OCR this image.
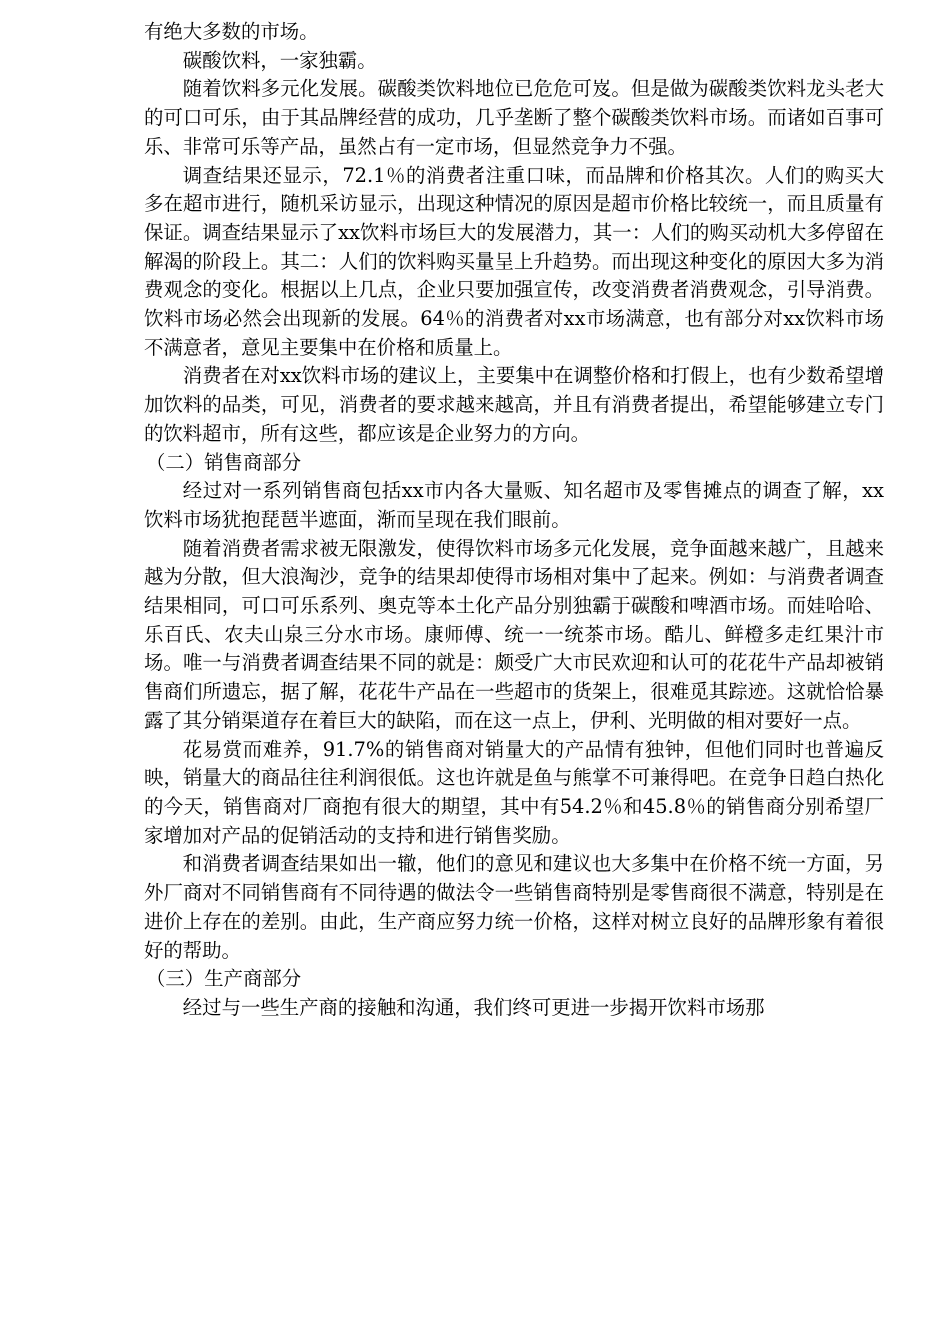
有绝大多数的市场。

碳酸饮料，一家独霸。

随着饮料多元化发展。碳酸类饮料地位已危危可岌。但是做为碳酸类饮料龙头老大的可口可乐，由于其品牌经营的成功，几乎垄断了整个碳酸类饮料市场。而诸如百事可乐、非常可乐等产品，虽然占有一定市场，但显然竞争力不强。

调查结果还显示，72.1％的消费者注重口味，而品牌和价格其次。人们的购买大多在超市进行，随机采访显示，出现这种情况的原因是超市价格比较统一，而且质量有保证。调查结果显示了xx饮料市场巨大的发展潜力，其一：人们的购买动机大多停留在解渴的阶段上。其二：人们的饮料购买量呈上升趋势。而出现这种变化的原因大多为消费观念的变化。根据以上几点，企业只要加强宣传，改变消费者消费观念，引导消费。饮料市场必然会出现新的发展。64％的消费者对xx市场满意，也有部分对xx饮料市场不满意者，意见主要集中在价格和质量上。

消费者在对xx饮料市场的建议上，主要集中在调整价格和打假上，也有少数希望增加饮料的品类，可见，消费者的要求越来越高，并且有消费者提出，希望能够建立专门的饮料超市，所有这些，都应该是企业努力的方向。

（二）销售商部分

经过对一系列销售商包括xx市内各大量贩、知名超市及零售摊点的调查了解，xx饮料市场犹抱琵琶半遮面，渐而呈现在我们眼前。

随着消费者需求被无限激发，使得饮料市场多元化发展，竞争面越来越广，且越来越为分散，但大浪淘沙，竞争的结果却使得市场相对集中了起来。例如：与消费者调查结果相同，可口可乐系列、奥克等本土化产品分别独霸于碳酸和啤酒市场。而娃哈哈、乐百氏、农夫山泉三分水市场。康师傅、统一一统茶市场。酷儿、鲜橙多走红果汁市场。唯一与消费者调查结果不同的就是：颇受广大市民欢迎和认可的花花牛产品却被销售商们所遗忘，据了解，花花牛产品在一些超市的货架上，很难觅其踪迹。这就恰恰暴露了其分销渠道存在着巨大的缺陷，而在这一点上，伊利、光明做的相对要好一点。

花易赏而难养，91.7%的销售商对销量大的产品情有独钟，但他们同时也普遍反映，销量大的商品往往利润很低。这也许就是鱼与熊掌不可兼得吧。在竞争日趋白热化的今天，销售商对厂商抱有很大的期望，其中有54.2％和45.8％的销售商分别希望厂家增加对产品的促销活动的支持和进行销售奖励。

和消费者调查结果如出一辙，他们的意见和建议也大多集中在价格不统一方面，另外厂商对不同销售商有不同待遇的做法令一些销售商特别是零售商很不满意，特别是在进价上存在的差别。由此，生产商应努力统一价格，这样对树立良好的品牌形象有着很好的帮助。

（三）生产商部分

经过与一些生产商的接触和沟通，我们终可更进一步揭开饮料市场那
